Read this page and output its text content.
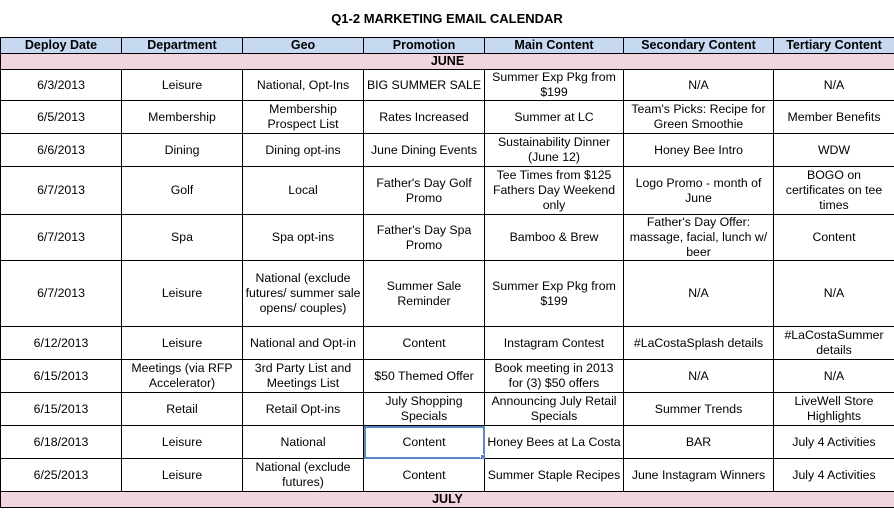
Q1-2 MARKETING EMAIL CALENDAR
Deploy Date	Department	Geo	Promotion	Main Content	Secondary Content	Tertiary Content
JUNE						
6/3/2013	Leisure	National, Opt-Ins	BIG SUMMER SALE	Summer Exp Pkg from $199	N/A	N/A
6/5/2013	Membership	Membership Prospect List	Rates Increased	Summer at LC	Team's Picks: Recipe for Green Smoothie	Member Benefits
6/6/2013	Dining	Dining opt-ins	June Dining Events	Sustainability Dinner (June 12)	Honey Bee Intro	WDW
6/7/2013	Golf	Local	Father's Day Golf Promo	Tee Times from $125 Fathers Day Weekend only	Logo Promo - month of June	BOGO on certificates on tee times
6/7/2013	Spa	Spa opt-ins	Father's Day Spa Promo	Bamboo & Brew	Father's Day Offer: massage, facial, lunch w/ beer	Content
6/7/2013	Leisure	National (exclude futures/ summer sale opens/ couples)	Summer Sale Reminder	Summer Exp Pkg from $199	N/A	N/A
6/12/2013	Leisure	National and Opt-in	Content	Instagram Contest	#LaCostaSplash details	#LaCostaSummer details
6/15/2013	Meetings (via RFP Accelerator)	3rd Party List and Meetings List	$50 Themed Offer	Book meeting in 2013 for (3) $50 offers	N/A	N/A
6/15/2013	Retail	Retail Opt-ins	July Shopping Specials	Announcing July Retail Specials	Summer Trends	LiveWell Store Highlights
6/18/2013	Leisure	National	Content	Honey Bees at La Costa	BAR	July 4 Activities
6/25/2013	Leisure	National (exclude futures)	Content	Summer Staple Recipes	June Instagram Winners	July 4 Activities
JULY						
